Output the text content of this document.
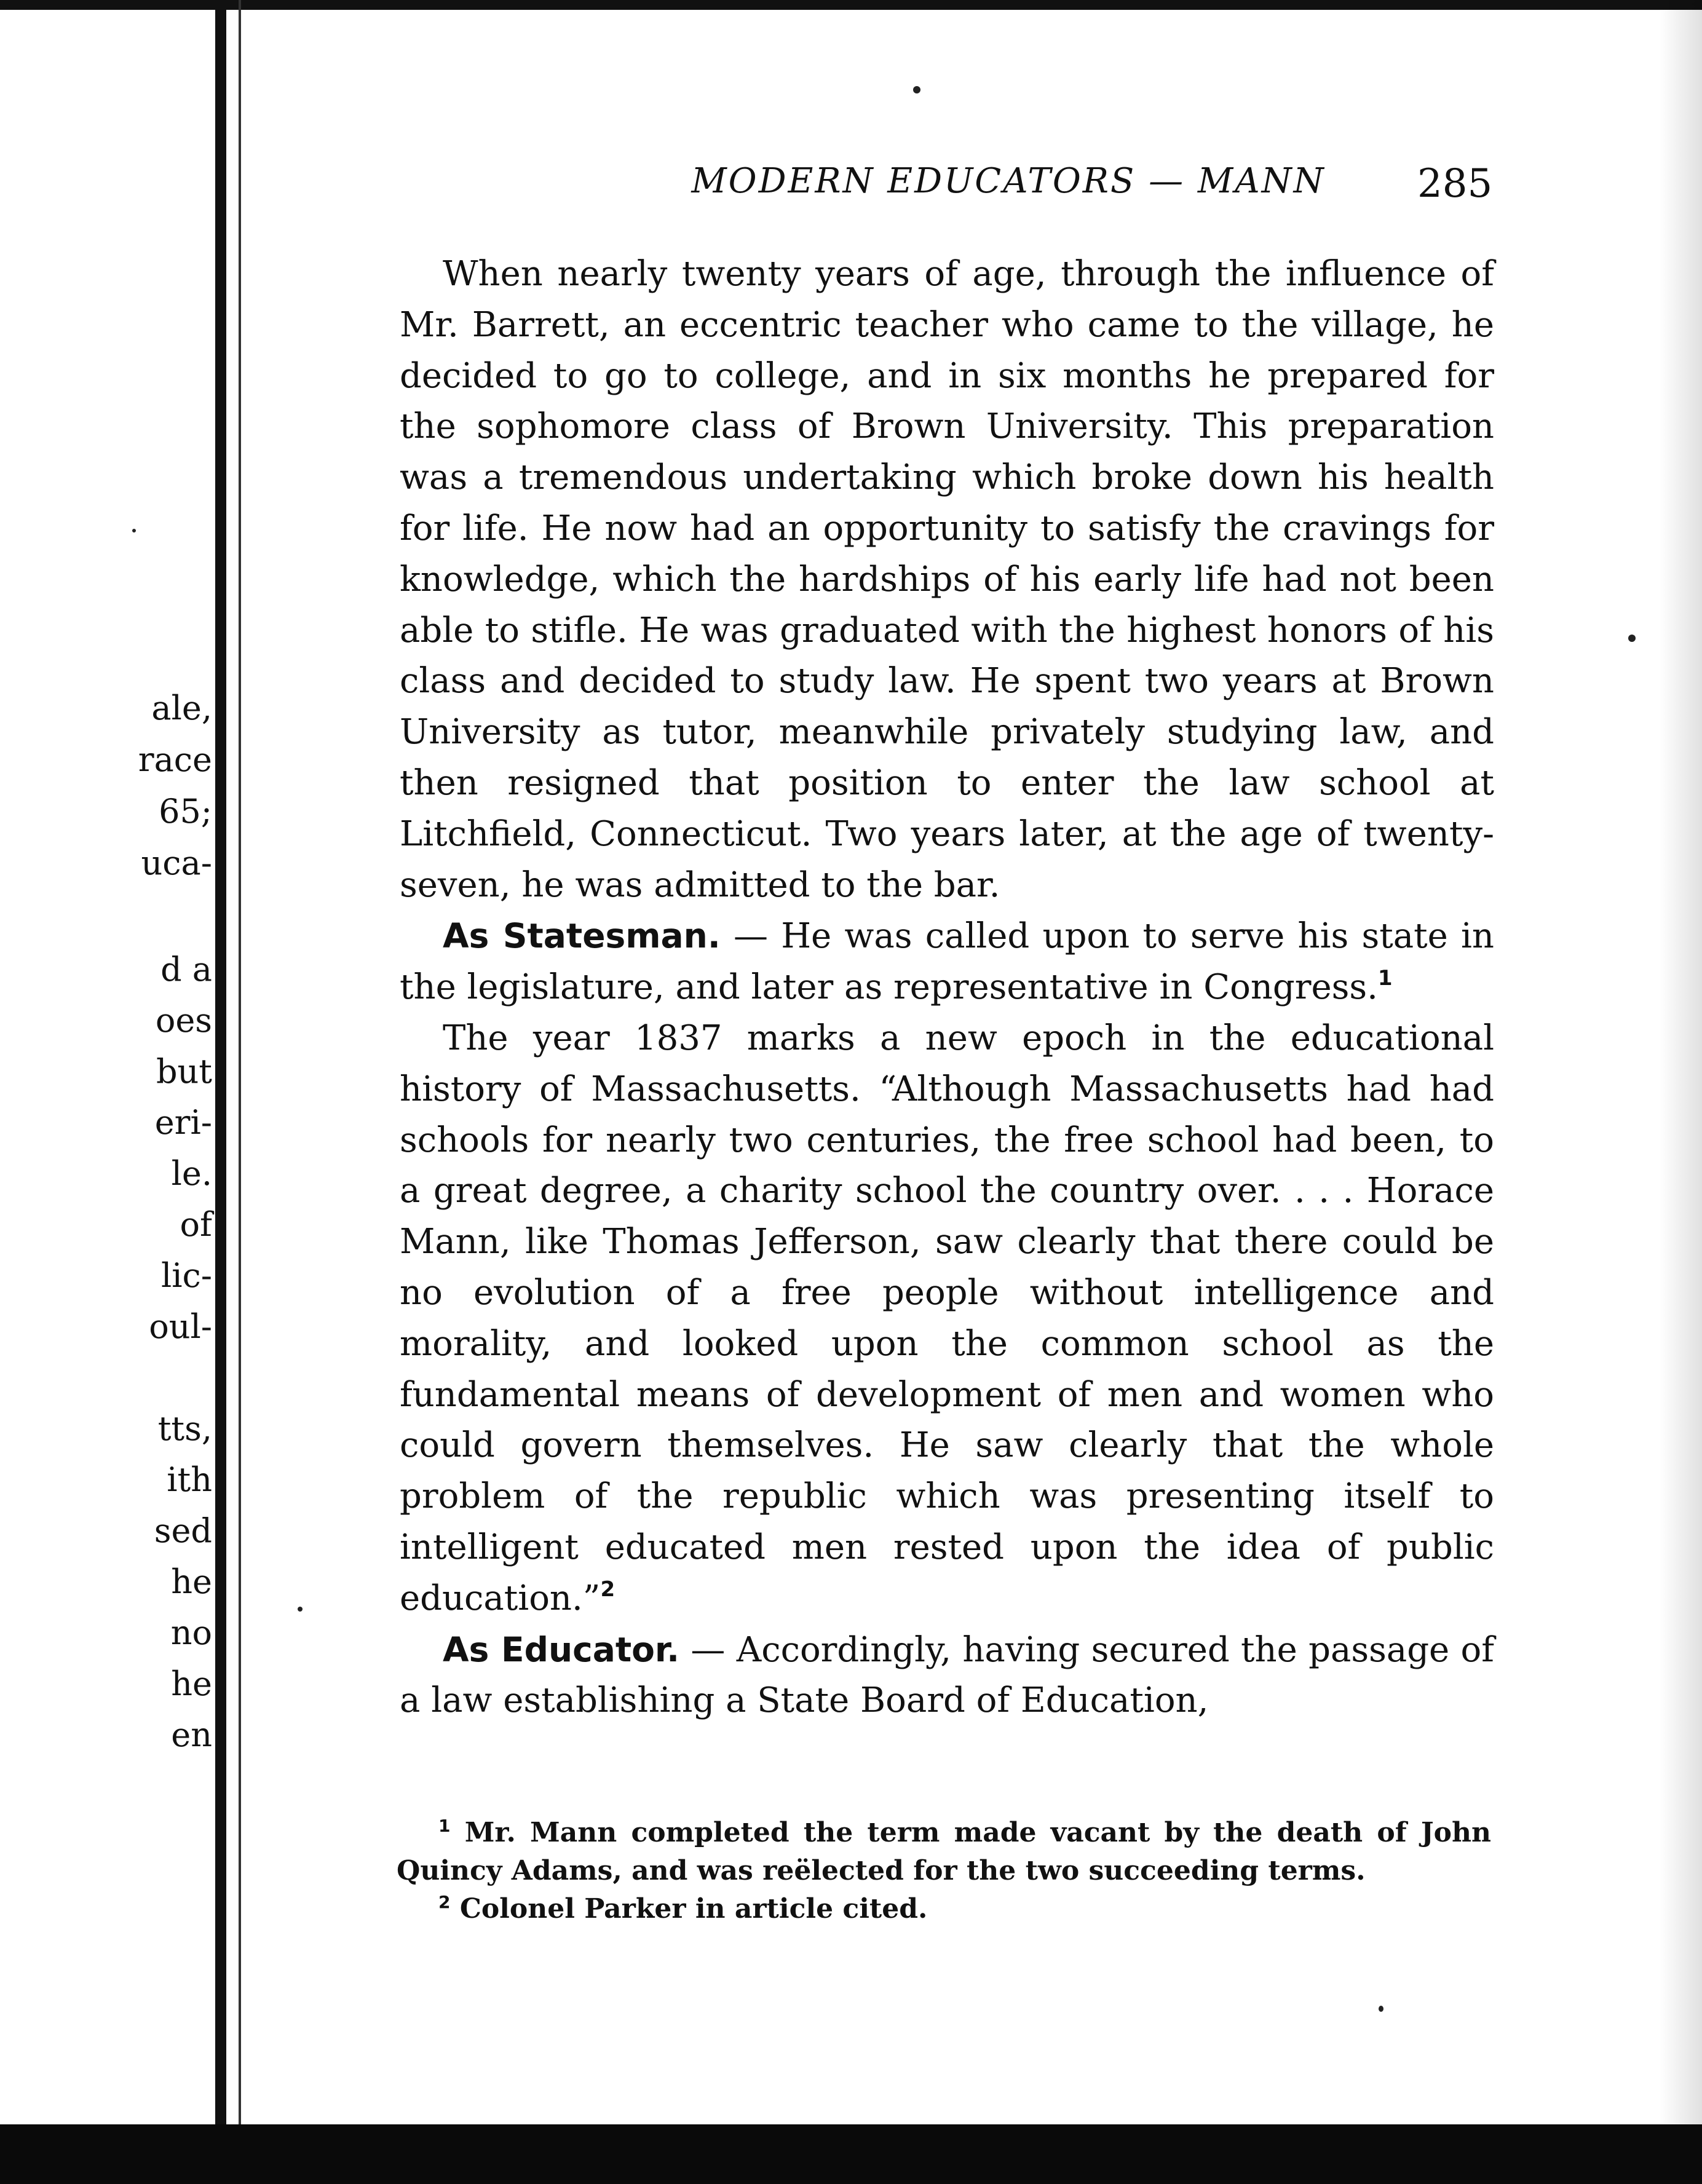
ale,
race
65;
uca-
d a
oes
but
eri-
le.
of
lic-
oul-
tts,
ith
sed
he
no
he
en
MODERN EDUCATORS — MANN	285

When nearly twenty years of age, through the influence of Mr. Barrett, an eccentric teacher who came to the village, he decided to go to college, and in six months he prepared for the sophomore class of Brown University. This preparation was a tremendous undertaking which broke down his health for life. He now had an opportunity to satisfy the cravings for knowledge, which the hardships of his early life had not been able to stifle. He was graduated with the highest honors of his class and decided to study law. He spent two years at Brown University as tutor, meanwhile privately studying law, and then resigned that position to enter the law school at Litchfield, Connecticut. Two years later, at the age of twenty-seven, he was admitted to the bar.

As Statesman. — He was called upon to serve his state in the legislature, and later as representative in Congress.$^1$

The year 1837 marks a new epoch in the educational history of Massachusetts. “Although Massachusetts had had schools for nearly two centuries, the free school had been, to a great degree, a charity school the country over. . . . Horace Mann, like Thomas Jefferson, saw clearly that there could be no evolution of a free people without intelligence and morality, and looked upon the common school as the fundamental means of development of men and women who could govern themselves. He saw clearly that the whole problem of the republic which was presenting itself to intelligent educated men rested upon the idea of public education.”$^2$

As Educator. — Accordingly, having secured the passage of a law establishing a State Board of Education,

$^1$ Mr. Mann completed the term made vacant by the death of John Quincy Adams, and was reëlected for the two succeeding terms.

$^2$ Colonel Parker in article cited.
